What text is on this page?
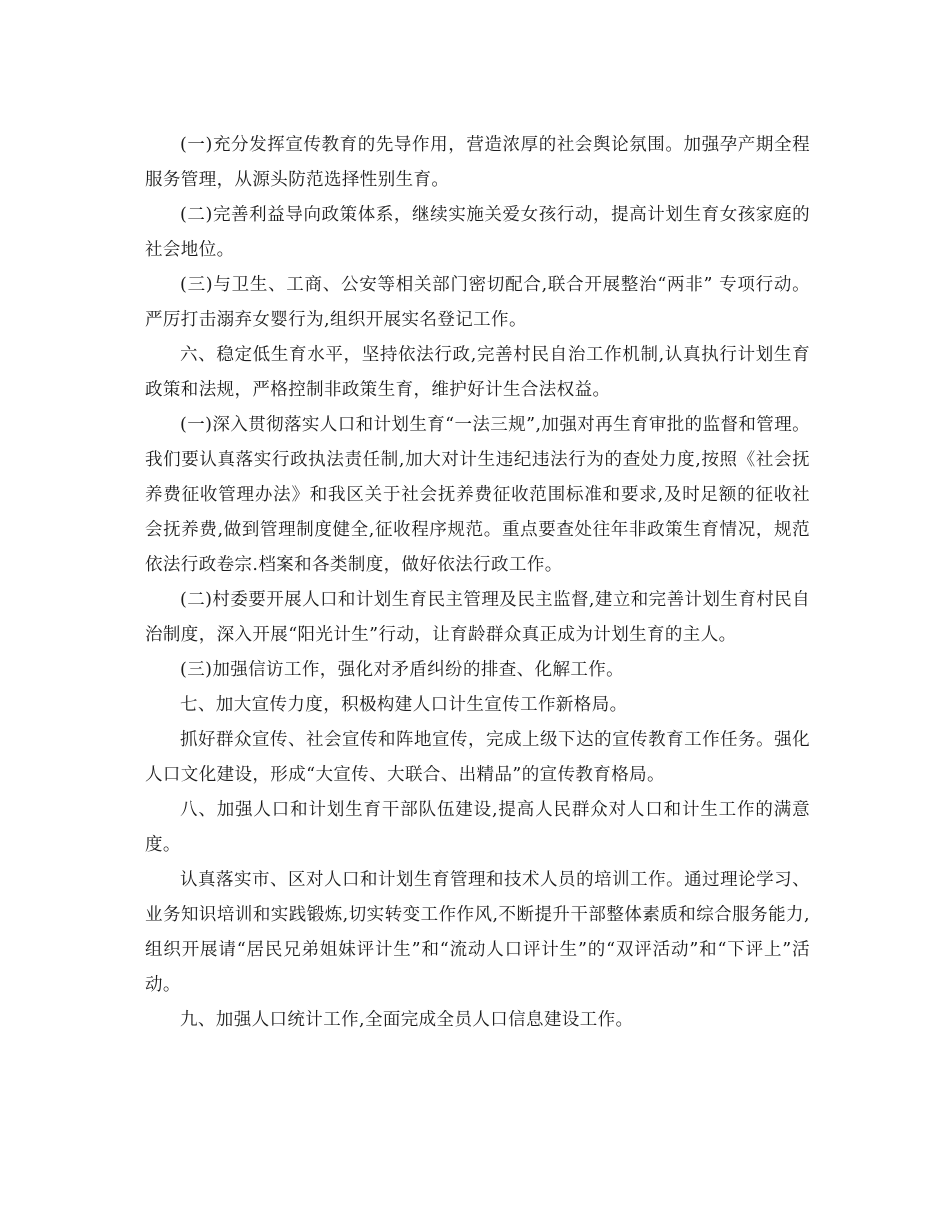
(一)充分发挥宣传教育的先导作用，营造浓厚的社会舆论氛围。加强孕产期全程服务管理，从源头防范选择性别生育。

(二)完善利益导向政策体系，继续实施关爱女孩行动，提高计划生育女孩家庭的社会地位。

(三)与卫生、工商、公安等相关部门密切配合,联合开展整治“两非” 专项行动。严厉打击溺弃女婴行为,组织开展实名登记工作。

六、稳定低生育水平，坚持依法行政,完善村民自治工作机制,认真执行计划生育政策和法规，严格控制非政策生育，维护好计生合法权益。

(一)深入贯彻落实人口和计划生育“一法三规”,加强对再生育审批的监督和管理。我们要认真落实行政执法责任制,加大对计生违纪违法行为的查处力度,按照《社会抚养费征收管理办法》和我区关于社会抚养费征收范围标准和要求,及时足额的征收社会抚养费,做到管理制度健全,征收程序规范。重点要查处往年非政策生育情况，规范依法行政卷宗.档案和各类制度，做好依法行政工作。

(二)村委要开展人口和计划生育民主管理及民主监督,建立和完善计划生育村民自治制度，深入开展“阳光计生”行动，让育龄群众真正成为计划生育的主人。

(三)加强信访工作，强化对矛盾纠纷的排查、化解工作。

七、加大宣传力度，积极构建人口计生宣传工作新格局。

抓好群众宣传、社会宣传和阵地宣传，完成上级下达的宣传教育工作任务。强化人口文化建设，形成“大宣传、大联合、出精品”的宣传教育格局。

八、加强人口和计划生育干部队伍建设,提高人民群众对人口和计生工作的满意度。

认真落实市、区对人口和计划生育管理和技术人员的培训工作。通过理论学习、业务知识培训和实践锻炼,切实转变工作作风,不断提升干部整体素质和综合服务能力,组织开展请“居民兄弟姐妹评计生”和“流动人口评计生”的“双评活动”和“下评上”活动。

九、加强人口统计工作,全面完成全员人口信息建设工作。
